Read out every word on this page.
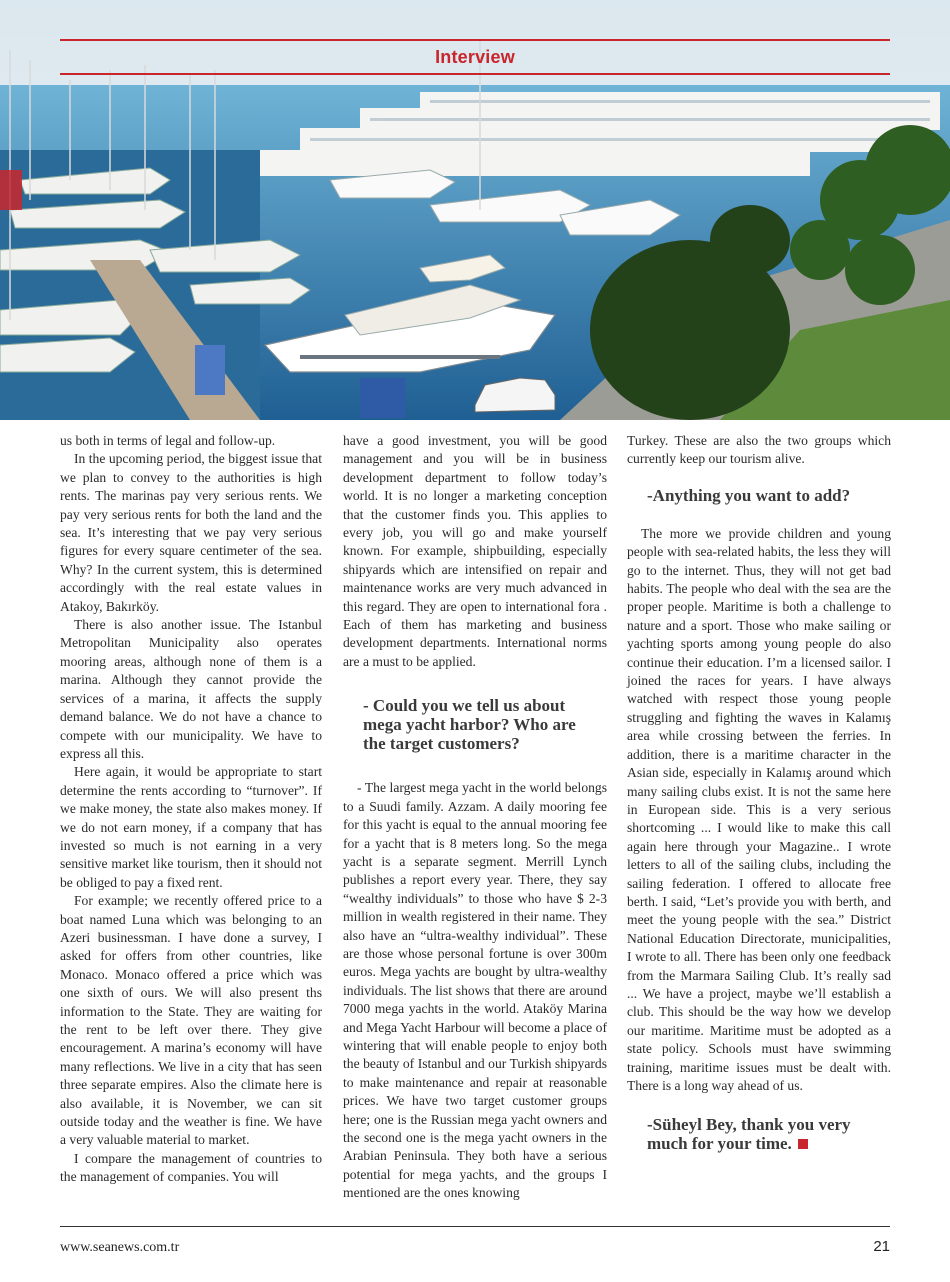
Interview

us both in terms of legal and follow-up.

In the upcoming period, the biggest issue that we plan to convey to the authorities is high rents. The marinas pay very serious rents. We pay very serious rents for both the land and the sea. It’s interesting that we pay very serious figures for every square centimeter of the sea. Why? In the current system, this is determined accordingly with the real estate values in Atakoy, Bakırköy.

There is also another issue. The Istanbul Metropolitan Municipality also operates mooring areas, although none of them is a marina. Although they cannot provide the services of a marina, it affects the supply demand balance. We do not have a chance to compete with our municipality. We have to express all this.

Here again, it would be appropriate to start determine the rents according to “turnover”. If we make money, the state also makes money. If we do not earn money, if a company that has invested so much is not earning in a very sensitive market like tourism, then it should not be obliged to pay a fixed rent.

For example; we recently offered price to a boat named Luna which was belonging to an Azeri businessman. I have done a survey, I asked for offers from other countries, like Monaco. Monaco offered a price which was one sixth of ours. We will also present ths information to the State. They are waiting for the rent to be left over there. They give encouragement. A marina’s economy will have many reflections. We live in a city that has seen three separate empires. Also the climate here is also available, it is November, we can sit outside today and the weather is fine. We have a very valuable material to market.

I compare the management of countries to the management of companies. You will

have a good investment, you will be good management and you will be in business development department to follow today’s world. It is no longer a marketing conception that the customer finds you. This applies to every job, you will go and make yourself known. For example, shipbuilding, especially shipyards which are intensified on repair and maintenance works are very much advanced in this regard. They are open to international fora . Each of them has marketing and business development departments. International norms are a must to be applied.

- Could you we tell us about mega yacht harbor? Who are the target customers?

- The largest mega yacht in the world belongs to a Suudi family. Azzam. A daily mooring fee for this yacht is equal to the annual mooring fee for a yacht that is 8 meters long. So the mega yacht is a separate segment. Merrill Lynch publishes a report every year. There, they say “wealthy individuals” to those who have $ 2-3 million in wealth registered in their name. They also have an “ultra-wealthy individual”. These are those whose personal fortune is over 300m euros. Mega yachts are bought by ultra-wealthy individuals. The list shows that there are around 7000 mega yachts in the world. Ataköy Marina and Mega Yacht Harbour will become a place of wintering that will enable people to enjoy both the beauty of Istanbul and our Turkish shipyards to make maintenance and repair at reasonable prices. We have two target customer groups here; one is the Russian mega yacht owners and the second one is the mega yacht owners in the Arabian Peninsula. They both have a serious potential for mega yachts, and the groups I mentioned are the ones knowing

Turkey. These are also the two groups which currently keep our tourism alive.

-Anything you want to add?

The more we provide children and young people with sea-related habits, the less they will go to the internet. Thus, they will not get bad habits. The people who deal with the sea are the proper people. Maritime is both a challenge to nature and a sport. Those who make sailing or yachting sports among young people do also continue their education. I’m a licensed sailor. I joined the races for years. I have always watched with respect those young people struggling and fighting the waves in Kalamış area while crossing between the ferries. In addition, there is a maritime character in the Asian side, especially in Kalamış around which many sailing clubs exist. It is not the same here in European side. This is a very serious shortcoming ... I would like to make this call again here through your Magazine.. I wrote letters to all of the sailing clubs, including the sailing federation. I offered to allocate free berth. I said, “Let’s provide you with berth, and meet the young people with the sea.” District National Education Directorate, municipalities, I wrote to all. There has been only one feedback from the Marmara Sailing Club. It’s really sad ... We have a project, maybe we’ll establish a club. This should be the way how we develop our maritime. Maritime must be adopted as a state policy. Schools must have swimming training, maritime issues must be dealt with. There is a long way ahead of us.

-Süheyl Bey, thank you very much for your time.

www.seanews.com.tr	21
